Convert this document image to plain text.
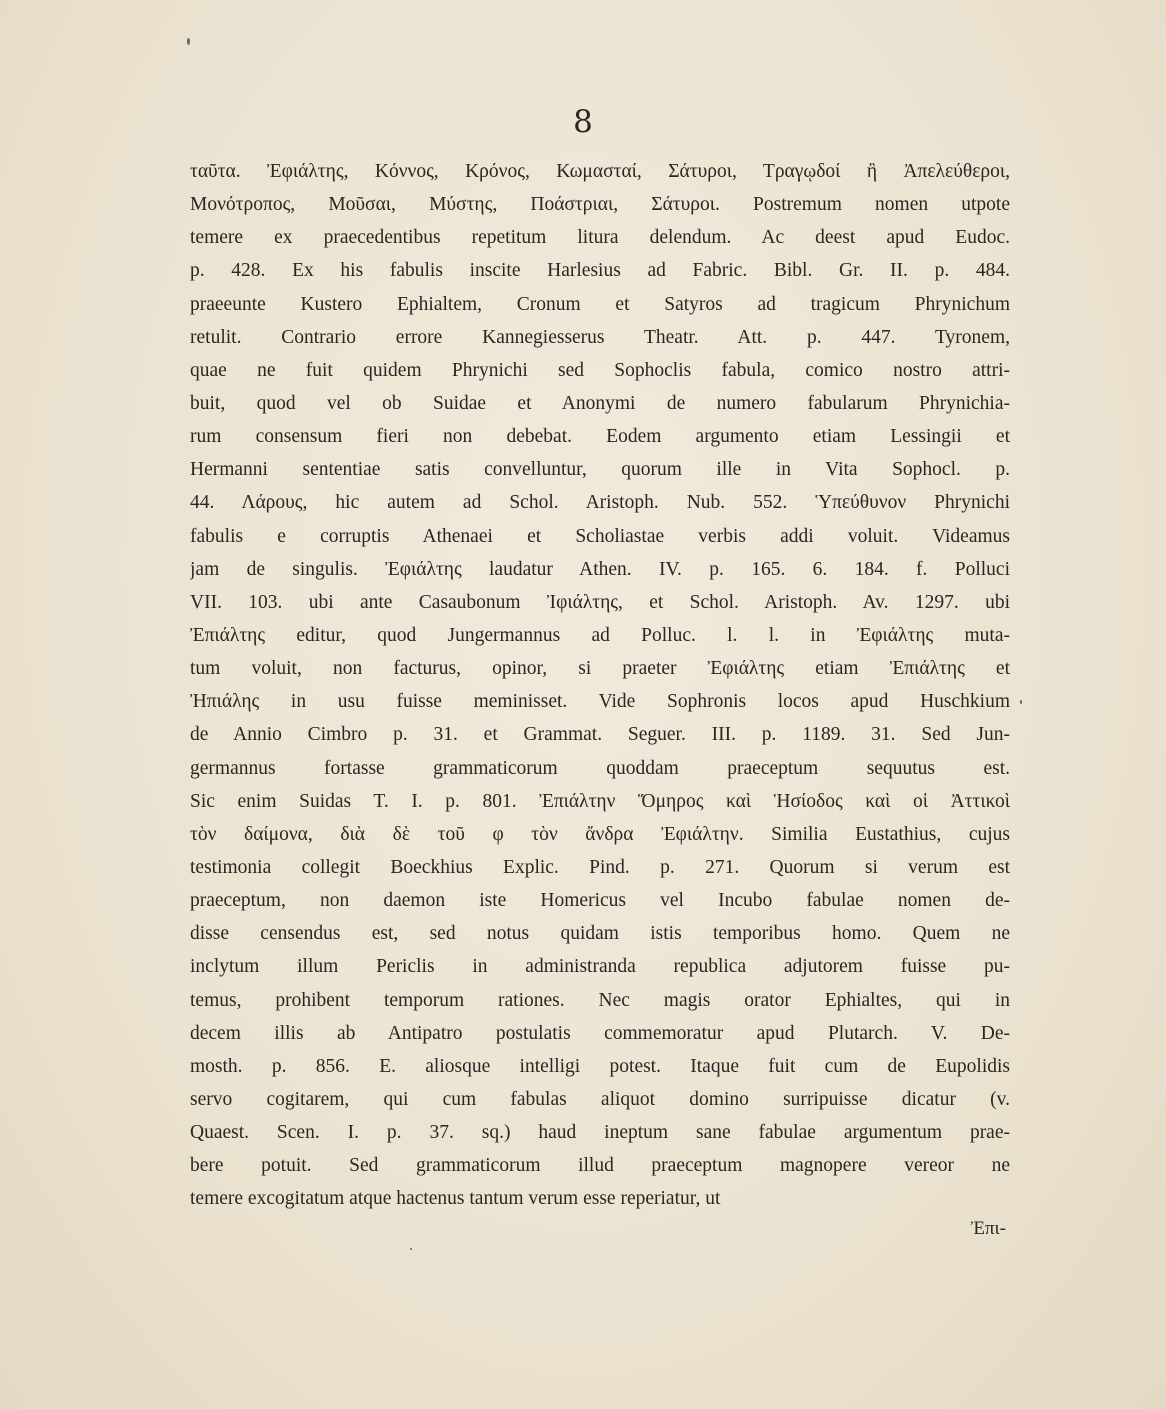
8
ταῦτα. Ἐφιάλτης, Κόννος, Κρόνος, Κωμασταί, Σάτυροι, Τραγῳδοί ἢ Ἀπελεύθεροι,
Μονότροπος, Μοῦσαι, Μύστης, Ποάστριαι, Σάτυροι. Postremum nomen utpote
temere ex praecedentibus repetitum litura delendum. Ac deest apud Eudoc.
p. 428. Ex his fabulis inscite Harlesius ad Fabric. Bibl. Gr. II. p. 484.
praeeunte Kustero Ephialtem, Cronum et Satyros ad tragicum Phrynichum
retulit. Contrario errore Kannegiesserus Theatr. Att. p. 447. Tyronem,
quae ne fuit quidem Phrynichi sed Sophoclis fabula, comico nostro attri-
buit, quod vel ob Suidae et Anonymi de numero fabularum Phrynichia-
rum consensum fieri non debebat. Eodem argumento etiam Lessingii et
Hermanni sententiae satis convelluntur, quorum ille in Vita Sophocl. p.
44. Λάρους, hic autem ad Schol. Aristoph. Nub. 552. Ὑπεύθυνον Phrynichi
fabulis e corruptis Athenaei et Scholiastae verbis addi voluit. Videamus
jam de singulis. Ἐφιάλτης laudatur Athen. IV. p. 165. 6. 184. f. Polluci
VII. 103. ubi ante Casaubonum Ἰφιάλτης, et Schol. Aristoph. Av. 1297. ubi
Ἐπιάλτης editur, quod Jungermannus ad Polluc. l. l. in Ἐφιάλτης muta-
tum voluit, non facturus, opinor, si praeter Ἐφιάλτης etiam Ἐπιάλτης et
Ἠπιάλης in usu fuisse meminisset. Vide Sophronis locos apud Huschkium
de Annio Cimbro p. 31. et Grammat. Seguer. III. p. 1189. 31. Sed Jun-
germannus fortasse grammaticorum quoddam praeceptum sequutus est.
Sic enim Suidas T. I. p. 801. Ἐπιάλτην Ὅμηρος καὶ Ἡσίοδος καὶ οἱ Ἀττικοὶ
τὸν δαίμονα, διὰ δὲ τοῦ φ τὸν ἄνδρα Ἐφιάλτην. Similia Eustathius, cujus
testimonia collegit Boeckhius Explic. Pind. p. 271. Quorum si verum est
praeceptum, non daemon iste Homericus vel Incubo fabulae nomen de-
disse censendus est, sed notus quidam istis temporibus homo. Quem ne
inclytum illum Periclis in administranda republica adjutorem fuisse pu-
temus, prohibent temporum rationes. Nec magis orator Ephialtes, qui in
decem illis ab Antipatro postulatis commemoratur apud Plutarch. V. De-
mosth. p. 856. E. aliosque intelligi potest. Itaque fuit cum de Eupolidis
servo cogitarem, qui cum fabulas aliquot domino surripuisse dicatur (v.
Quaest. Scen. I. p. 37. sq.) haud ineptum sane fabulae argumentum prae-
bere potuit. Sed grammaticorum illud praeceptum magnopere vereor ne
temere excogitatum atque hactenus tantum verum esse reperiatur, ut
Ἐπι-
